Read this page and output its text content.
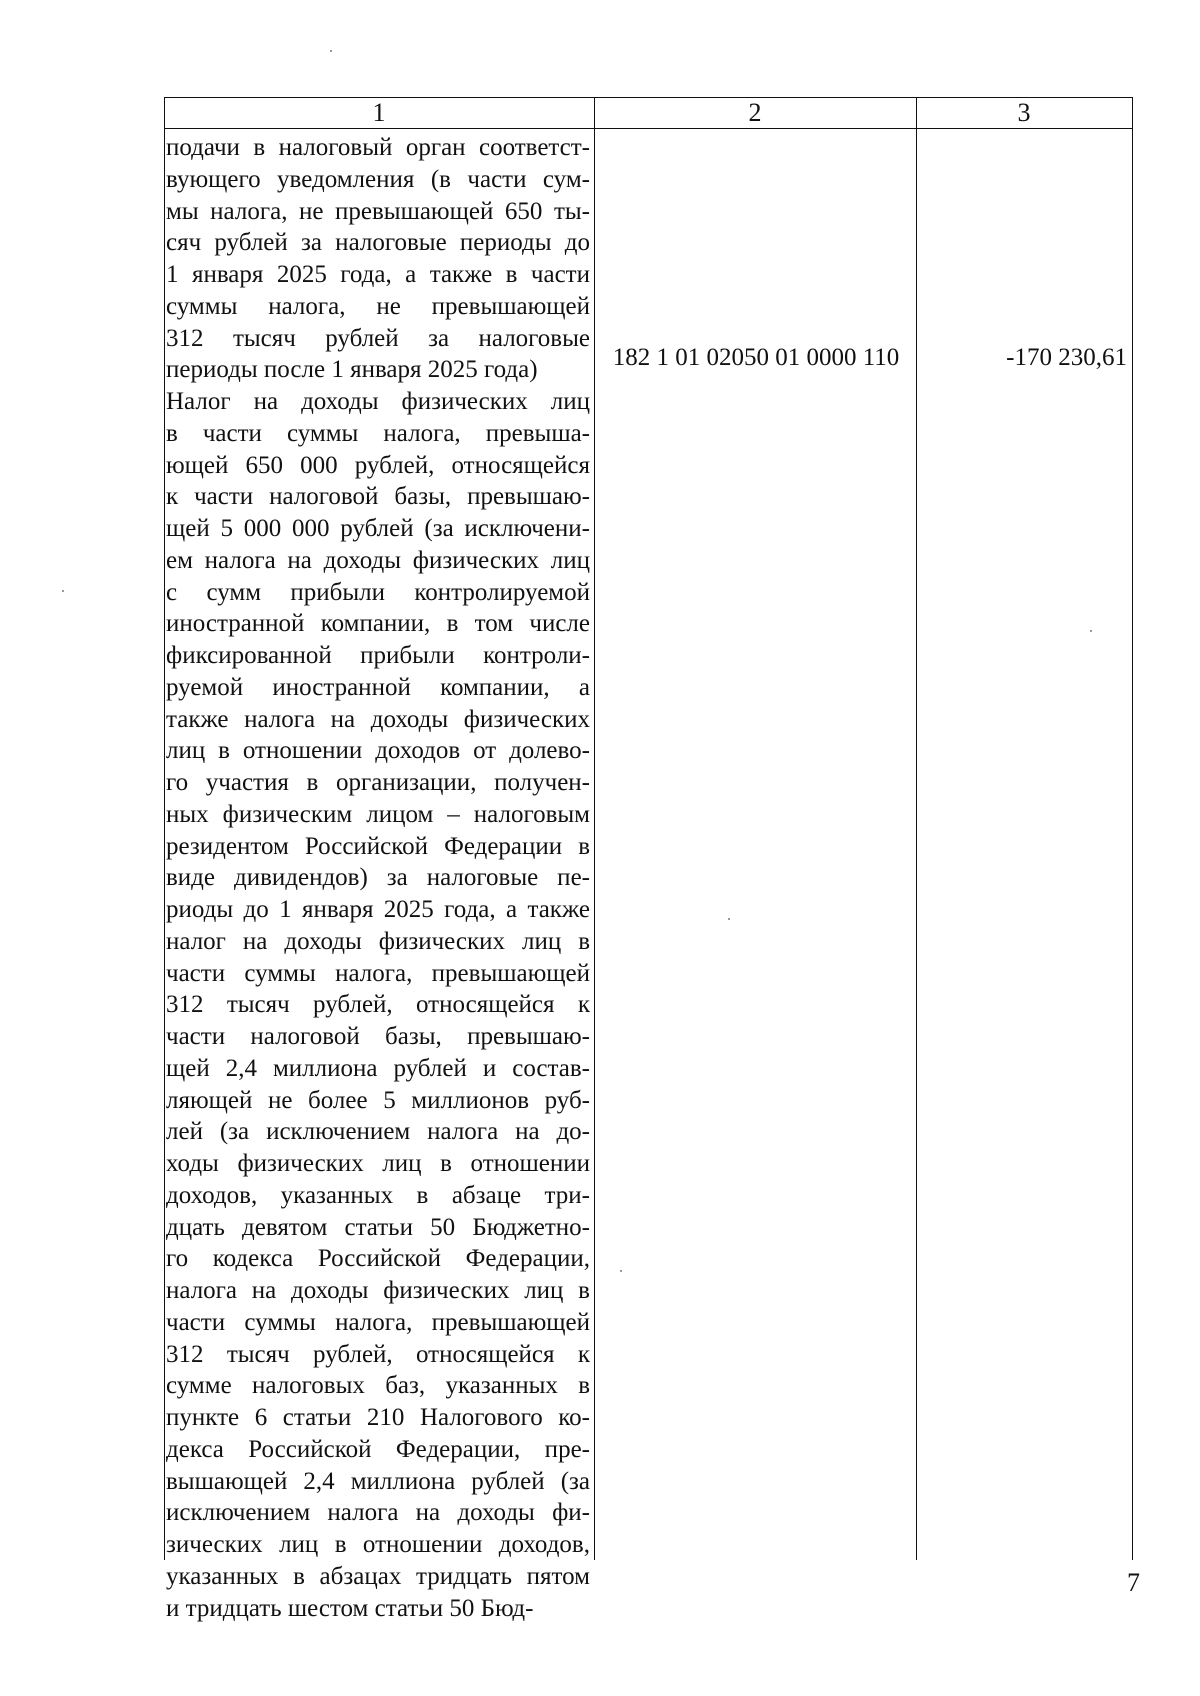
1	2	3
подачи в налоговый орган соответст-
вующего уведомления (в части сум-
мы налога, не превышающей 650 ты-
сяч рублей за налоговые периоды до
1 января 2025 года, а также в части
суммы налога, не превышающей
312 тысяч рублей за налоговые
периоды после 1 января 2025 года)
Налог на доходы физических лиц
в части суммы налога, превыша-
ющей 650 000 рублей, относящейся
к части налоговой базы, превышаю-
щей 5 000 000 рублей (за исключени-
ем налога на доходы физических лиц
с сумм прибыли контролируемой
иностранной компании, в том числе
фиксированной прибыли контроли-
руемой иностранной компании, а
также налога на доходы физических
лиц в отношении доходов от долево-
го участия в организации, получен-
ных физическим лицом – налоговым
резидентом Российской Федерации в
виде дивидендов) за налоговые пе-
риоды до 1 января 2025 года, а также
налог на доходы физических лиц в
части суммы налога, превышающей
312 тысяч рублей, относящейся к
части налоговой базы, превышаю-
щей 2,4 миллиона рублей и состав-
ляющей не более 5 миллионов руб-
лей (за исключением налога на до-
ходы физических лиц в отношении
доходов, указанных в абзаце три-
дцать девятом статьи 50 Бюджетно-
го кодекса Российской Федерации,
налога на доходы физических лиц в
части суммы налога, превышающей
312 тысяч рублей, относящейся к
сумме налоговых баз, указанных в
пункте 6 статьи 210 Налогового ко-
декса Российской Федерации, пре-
вышающей 2,4 миллиона рублей (за
исключением налога на доходы фи-
зических лиц в отношении доходов,
указанных в абзацах тридцать пятом
и тридцать шестом статьи 50 Бюд-
182 1 01 02050 01 0000 110	-170 230,61
7
